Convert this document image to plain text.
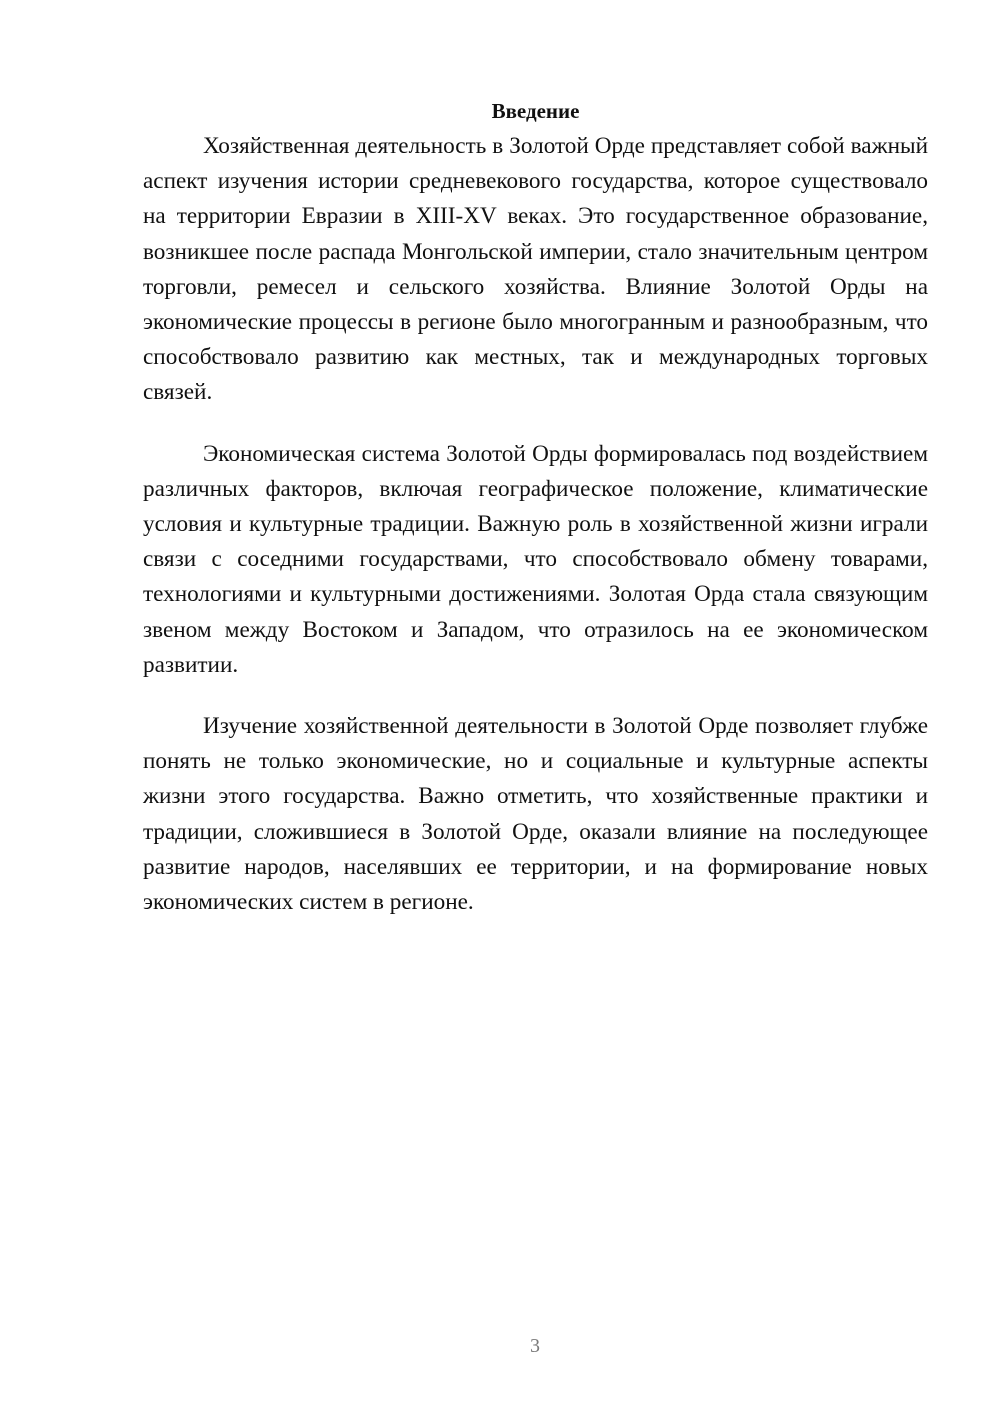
Введение

Хозяйственная деятельность в Золотой Орде представляет собой важный аспект изучения истории средневекового государства, которое существовало на территории Евразии в XIII-XV веках. Это государственное образование, возникшее после распада Монгольской империи, стало значительным центром торговли, ремесел и сельского хозяйства. Влияние Золотой Орды на экономические процессы в регионе было многогранным и разнообразным, что способствовало развитию как местных, так и международных торговых связей.

Экономическая система Золотой Орды формировалась под воздействием различных факторов, включая географическое положение, климатические условия и культурные традиции. Важную роль в хозяйственной жизни играли связи с соседними государствами, что способствовало обмену товарами, технологиями и культурными достижениями. Золотая Орда стала связующим звеном между Востоком и Западом, что отразилось на ее экономическом развитии.

Изучение хозяйственной деятельности в Золотой Орде позволяет глубже понять не только экономические, но и социальные и культурные аспекты жизни этого государства. Важно отметить, что хозяйственные практики и традиции, сложившиеся в Золотой Орде, оказали влияние на последующее развитие народов, населявших ее территории, и на формирование новых экономических систем в регионе.

3
